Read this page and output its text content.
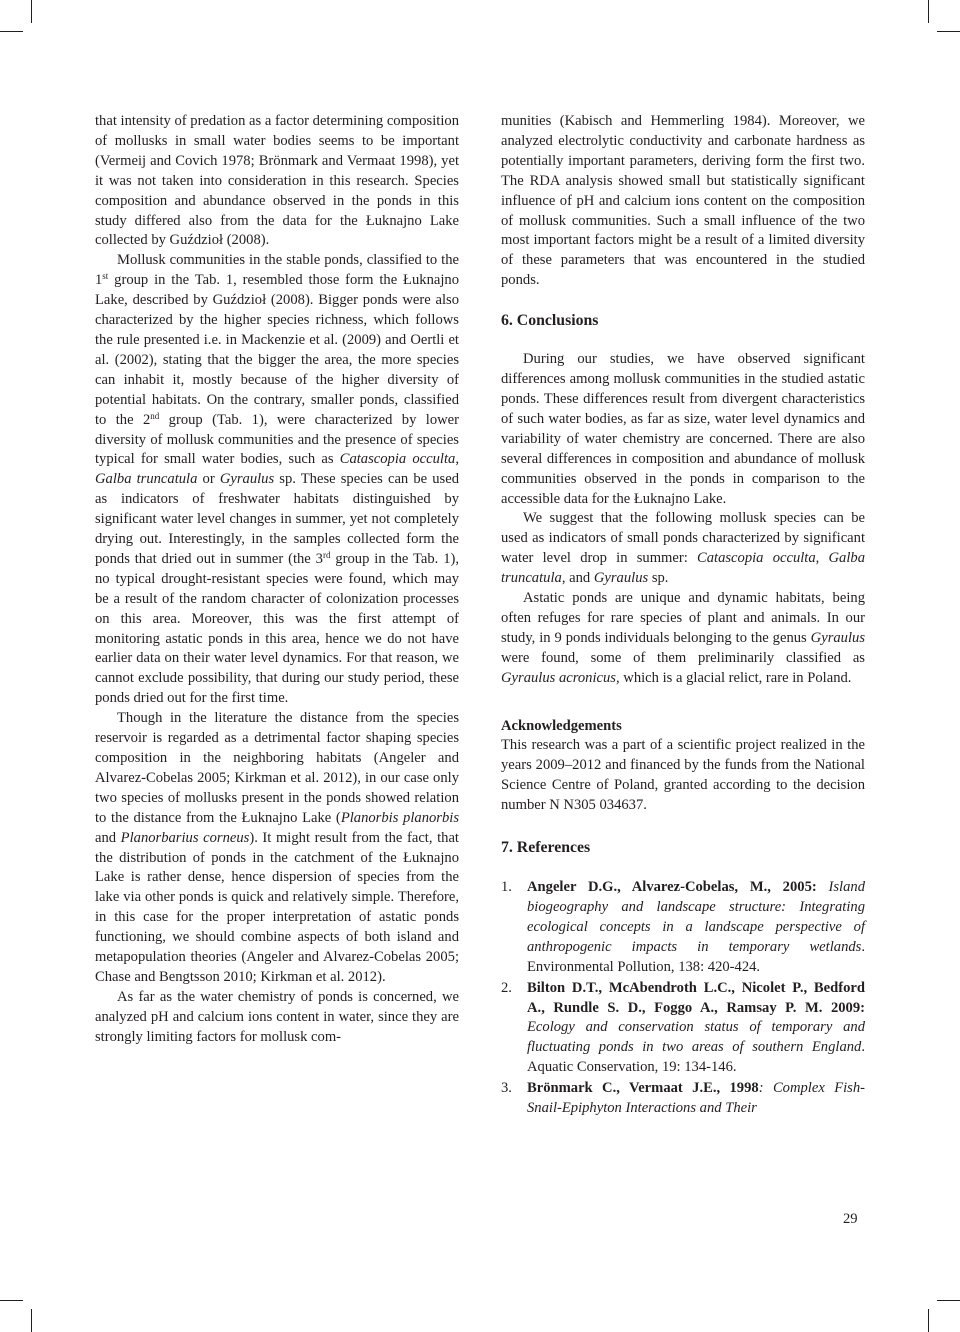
that intensity of predation as a factor determining composition of mollusks in small water bodies seems to be important (Vermeij and Covich 1978; Brönmark and Vermaat 1998), yet it was not taken into consideration in this research. Species composition and abundance observed in the ponds in this study differed also from the data for the Łuknajno Lake collected by Guździoł (2008).

Mollusk communities in the stable ponds, classified to the 1st group in the Tab. 1, resembled those form the Łuknajno Lake, described by Guździoł (2008). Bigger ponds were also characterized by the higher species richness, which follows the rule presented i.e. in Mackenzie et al. (2009) and Oertli et al. (2002), stating that the bigger the area, the more species can inhabit it, mostly because of the higher diversity of potential habitats. On the contrary, smaller ponds, classified to the 2nd group (Tab. 1), were characterized by lower diversity of mollusk communities and the presence of species typical for small water bodies, such as Catascopia occulta, Galba truncatula or Gyraulus sp. These species can be used as indicators of freshwater habitats distinguished by significant water level changes in summer, yet not completely drying out. Interestingly, in the samples collected form the ponds that dried out in summer (the 3rd group in the Tab. 1), no typical drought-resistant species were found, which may be a result of the random character of colonization processes on this area. Moreover, this was the first attempt of monitoring astatic ponds in this area, hence we do not have earlier data on their water level dynamics. For that reason, we cannot exclude possibility, that during our study period, these ponds dried out for the first time.

Though in the literature the distance from the species reservoir is regarded as a detrimental factor shaping species composition in the neighboring habitats (Angeler and Alvarez-Cobelas 2005; Kirkman et al. 2012), in our case only two species of mollusks present in the ponds showed relation to the distance from the Łuknajno Lake (Planorbis planorbis and Planorbarius corneus). It might result from the fact, that the distribution of ponds in the catchment of the Łuknajno Lake is rather dense, hence dispersion of species from the lake via other ponds is quick and relatively simple. Therefore, in this case for the proper interpretation of astatic ponds functioning, we should combine aspects of both island and metapopulation theories (Angeler and Alvarez-Cobelas 2005; Chase and Bengtsson 2010; Kirkman et al. 2012).

As far as the water chemistry of ponds is concerned, we analyzed pH and calcium ions content in water, since they are strongly limiting factors for mollusk com-

munities (Kabisch and Hemmerling 1984). Moreover, we analyzed electrolytic conductivity and carbonate hardness as potentially important parameters, deriving form the first two. The RDA analysis showed small but statistically significant influence of pH and calcium ions content on the composition of mollusk communities. Such a small influence of the two most important factors might be a result of a limited diversity of these parameters that was encountered in the studied ponds.

6. Conclusions

During our studies, we have observed significant differences among mollusk communities in the studied astatic ponds. These differences result from divergent characteristics of such water bodies, as far as size, water level dynamics and variability of water chemistry are concerned. There are also several differences in composition and abundance of mollusk communities observed in the ponds in comparison to the accessible data for the Łuknajno Lake.

We suggest that the following mollusk species can be used as indicators of small ponds characterized by significant water level drop in summer: Catascopia occulta, Galba truncatula, and Gyraulus sp.

Astatic ponds are unique and dynamic habitats, being often refuges for rare species of plant and animals. In our study, in 9 ponds individuals belonging to the genus Gyraulus were found, some of them preliminarily classified as Gyraulus acronicus, which is a glacial relict, rare in Poland.

Acknowledgements

This research was a part of a scientific project realized in the years 2009–2012 and financed by the funds from the National Science Centre of Poland, granted according to the decision number N N305 034637.

7. References
1. Angeler D.G., Alvarez-Cobelas, M., 2005: Island biogeography and landscape structure: Integrating ecological concepts in a landscape perspective of anthropogenic impacts in temporary wetlands. Environmental Pollution, 138: 420-424.
2. Bilton D.T., McAbendroth L.C., Nicolet P., Bedford A., Rundle S. D., Foggo A., Ramsay P. M. 2009: Ecology and conservation status of temporary and fluctuating ponds in two areas of southern England. Aquatic Conservation, 19: 134-146.
3. Brönmark C., Vermaat J.E., 1998: Complex Fish-Snail-Epiphyton Interactions and Their
29
